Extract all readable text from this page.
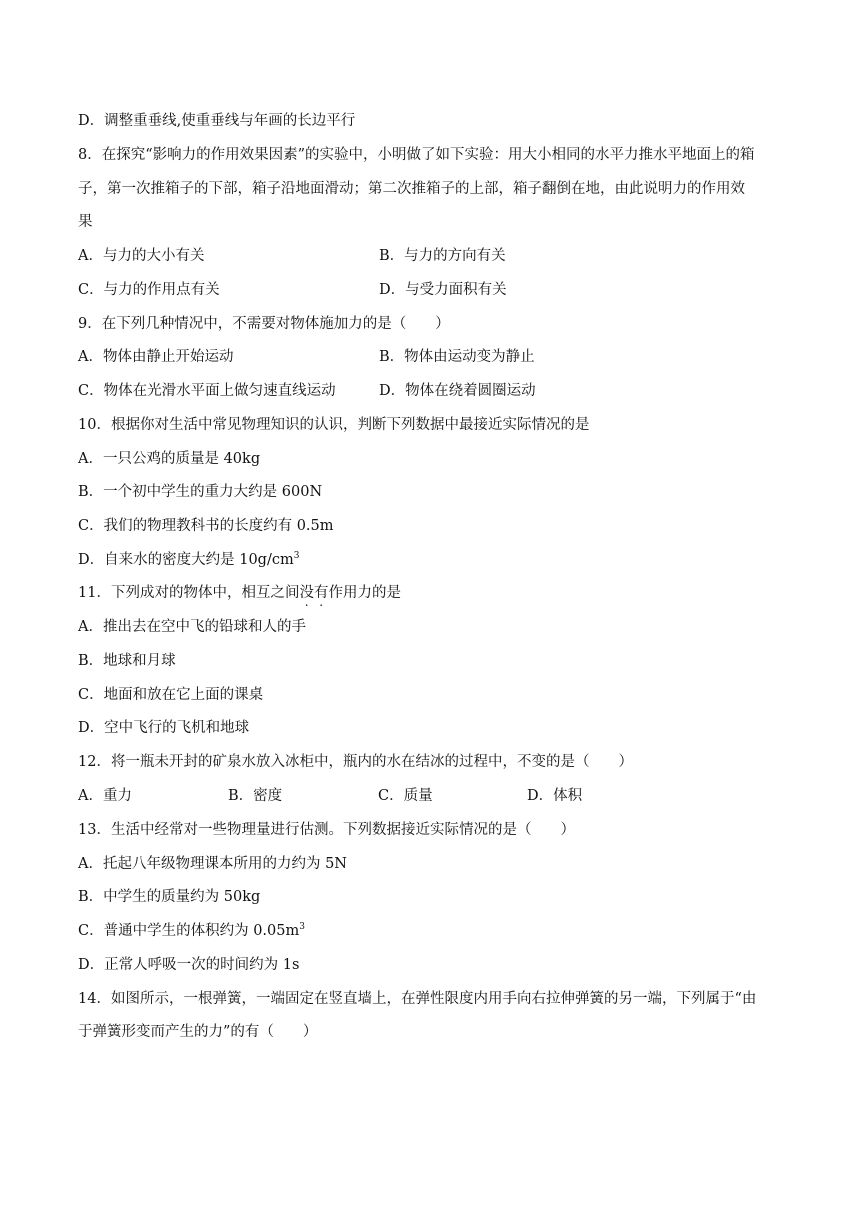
D．调整重垂线,使重垂线与年画的长边平行
8．在探究“影响力的作用效果因素”的实验中，小明做了如下实验：用大小相同的水平力推水平地面上的箱
子，第一次推箱子的下部，箱子沿地面滑动；第二次推箱子的上部，箱子翻倒在地，由此说明力的作用效
果
A．与力的大小有关	B．与力的方向有关
C．与力的作用点有关	D．与受力面积有关
9．在下列几种情况中，不需要对物体施加力的是（　　）
A．物体由静止开始运动	B．物体由运动变为静止
C．物体在光滑水平面上做匀速直线运动	D．物体在绕着圆圈运动
10．根据你对生活中常见物理知识的认识，判断下列数据中最接近实际情况的是
A．一只公鸡的质量是 40kg
B．一个初中学生的重力大约是 600N
C．我们的物理教科书的长度约有 0.5m
D．自来水的密度大约是 $10g/cm^3$
11．下列成对的物体中，相互之间没有作用力的是
A．推出去在空中飞的铅球和人的手
B．地球和月球
C．地面和放在它上面的课桌
D．空中飞行的飞机和地球
12．将一瓶未开封的矿泉水放入冰柜中，瓶内的水在结冰的过程中，不变的是（　　）
A．重力	B．密度	C．质量	D．体积
13．生活中经常对一些物理量进行估测。下列数据接近实际情况的是（　　）
A．托起八年级物理课本所用的力约为 5N
B．中学生的质量约为 50kg
C．普通中学生的体积约为 $0.05m^3$
D．正常人呼吸一次的时间约为 1s
14．如图所示，一根弹簧，一端固定在竖直墙上，在弹性限度内用手向右拉伸弹簧的另一端，下列属于“由
于弹簧形变而产生的力”的有（　　）
